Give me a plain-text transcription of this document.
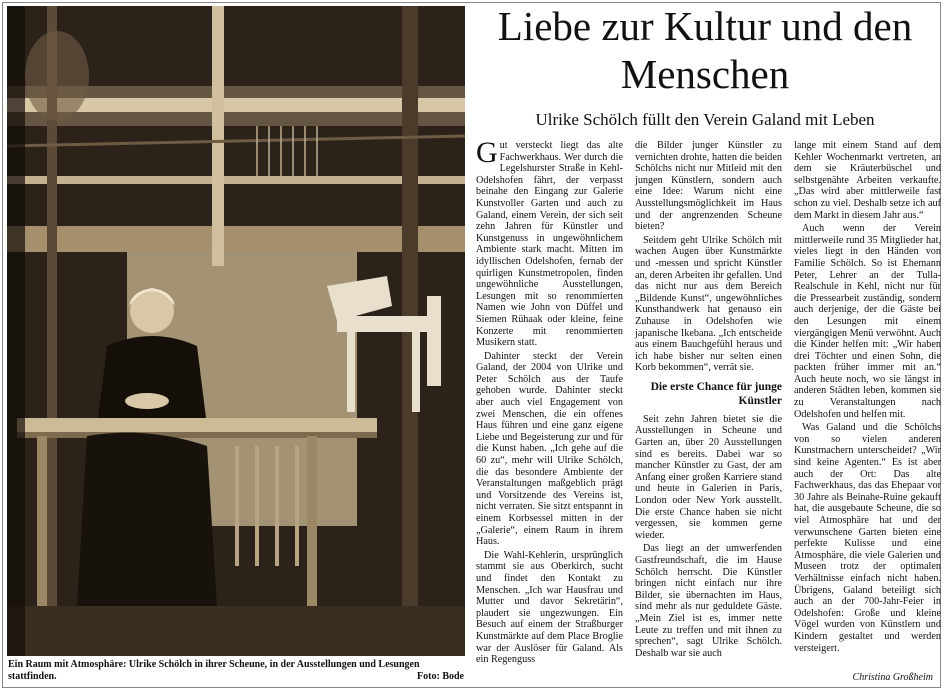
Ein Raum mit Atmosphäre: Ulrike Schölch in ihrer Scheune, in der Ausstellungen und Lesungen stattfinden.	Foto: Bode
Liebe zur Kultur und den Menschen
Ulrike Schölch füllt den Verein Galand mit Leben

Gut versteckt liegt das alte Fachwerkhaus. Wer durch die Legelshurster Straße in Kehl-Odelshofen fährt, der verpasst beinahe den Eingang zur Galerie Kunstvoller Garten und auch zu Galand, einem Verein, der sich seit zehn Jahren für Künstler und Kunstgenuss in ungewöhnlichem Ambiente stark macht. Mitten im idyllischen Odelshofen, fernab der quirligen Kunstmetropolen, finden ungewöhnliche Ausstellungen, Lesungen mit so renommierten Namen wie John von Düffel und Siemen Rühaak oder kleine, feine Konzerte mit renommierten Musikern statt.

Dahinter steckt der Verein Galand, der 2004 von Ulrike und Peter Schölch aus der Taufe gehoben wurde. Dahinter steckt aber auch viel Engagement von zwei Menschen, die ein offenes Haus führen und eine ganz eigene Liebe und Begeisterung zur und für die Kunst haben. „Ich gehe auf die 60 zu“, mehr will Ulrike Schölch, die das besondere Ambiente der Veranstaltungen maßgeblich prägt und Vorsitzende des Vereins ist, nicht verraten. Sie sitzt entspannt in einem Korbsessel mitten in der „Galerie“, einem Raum in ihrem Haus.

Die Wahl-Kehlerin, ursprünglich stammt sie aus Oberkirch, sucht und findet den Kontakt zu Menschen. „Ich war Hausfrau und Mutter und davor Sekretärin“, plaudert sie ungezwungen. Ein Besuch auf einem der Straßburger Kunstmärkte auf dem Place Broglie war der Auslöser für Galand. Als ein Regenguss

die Bilder junger Künstler zu vernichten drohte, hatten die beiden Schölchs nicht nur Mitleid mit den jungen Künstlern, sondern auch eine Idee: Warum nicht eine Ausstellungsmöglichkeit im Haus und der angrenzenden Scheune bieten?

Seitdem geht Ulrike Schölch mit wachen Augen über Kunstmärkte und -messen und spricht Künstler an, deren Arbeiten ihr gefallen. Und das nicht nur aus dem Bereich „Bildende Kunst“, ungewöhnliches Kunsthandwerk hat genauso ein Zuhause in Odelshofen wie japanische Ikebana. „Ich entscheide aus einem Bauchgefühl heraus und ich habe bisher nur selten einen Korb bekommen“, verrät sie.

Die erste Chance für junge Künstler

Seit zehn Jahren bietet sie die Ausstellungen in Scheune und Garten an, über 20 Ausstellungen sind es bereits. Dabei war so mancher Künstler zu Gast, der am Anfang einer großen Karriere stand und heute in Galerien in Paris, London oder New York ausstellt. Die erste Chance haben sie nicht vergessen, sie kommen gerne wieder.

Das liegt an der umwerfenden Gastfreundschaft, die im Hause Schölch herrscht. Die Künstler bringen nicht einfach nur ihre Bilder, sie übernachten im Haus, sind mehr als nur geduldete Gäste. „Mein Ziel ist es, immer nette Leute zu treffen und mit ihnen zu sprechen“, sagt Ulrike Schölch. Deshalb war sie auch

lange mit einem Stand auf dem Kehler Wochenmarkt vertreten, an dem sie Kräuterbüschel und selbstgenähte Arbeiten verkaufte. „Das wird aber mittlerweile fast schon zu viel. Deshalb setze ich auf dem Markt in diesem Jahr aus.“

Auch wenn der Verein mittlerweile rund 35 Mitglieder hat, vieles liegt in den Händen von Familie Schölch. So ist Ehemann Peter, Lehrer an der Tulla-Realschule in Kehl, nicht nur für die Pressearbeit zuständig, sondern auch derjenige, der die Gäste bei den Lesungen mit einem viergängigen Menü verwöhnt. Auch die Kinder helfen mit: „Wir haben drei Töchter und einen Sohn, die packten früher immer mit an.“ Auch heute noch, wo sie längst in anderen Städten leben, kommen sie zu Veranstaltungen nach Odelshofen und helfen mit.

Was Galand und die Schölchs von so vielen anderen Kunstmachern unterscheidet? „Wir sind keine Agenten.“ Es ist aber auch der Ort: Das alte Fachwerkhaus, das das Ehepaar vor 30 Jahre als Beinahe-Ruine gekauft hat, die ausgebaute Scheune, die so viel Atmosphäre hat und der verwunschene Garten bieten eine perfekte Kulisse und eine Atmosphäre, die viele Galerien und Museen trotz der optimalen Verhältnisse einfach nicht haben. Übrigens, Galand beteiligt sich auch an der 700-Jahr-Feier in Odelshofen: Große und kleine Vögel wurden von Künstlern und Kindern gestaltet und werden versteigert.

Christina Großheim
